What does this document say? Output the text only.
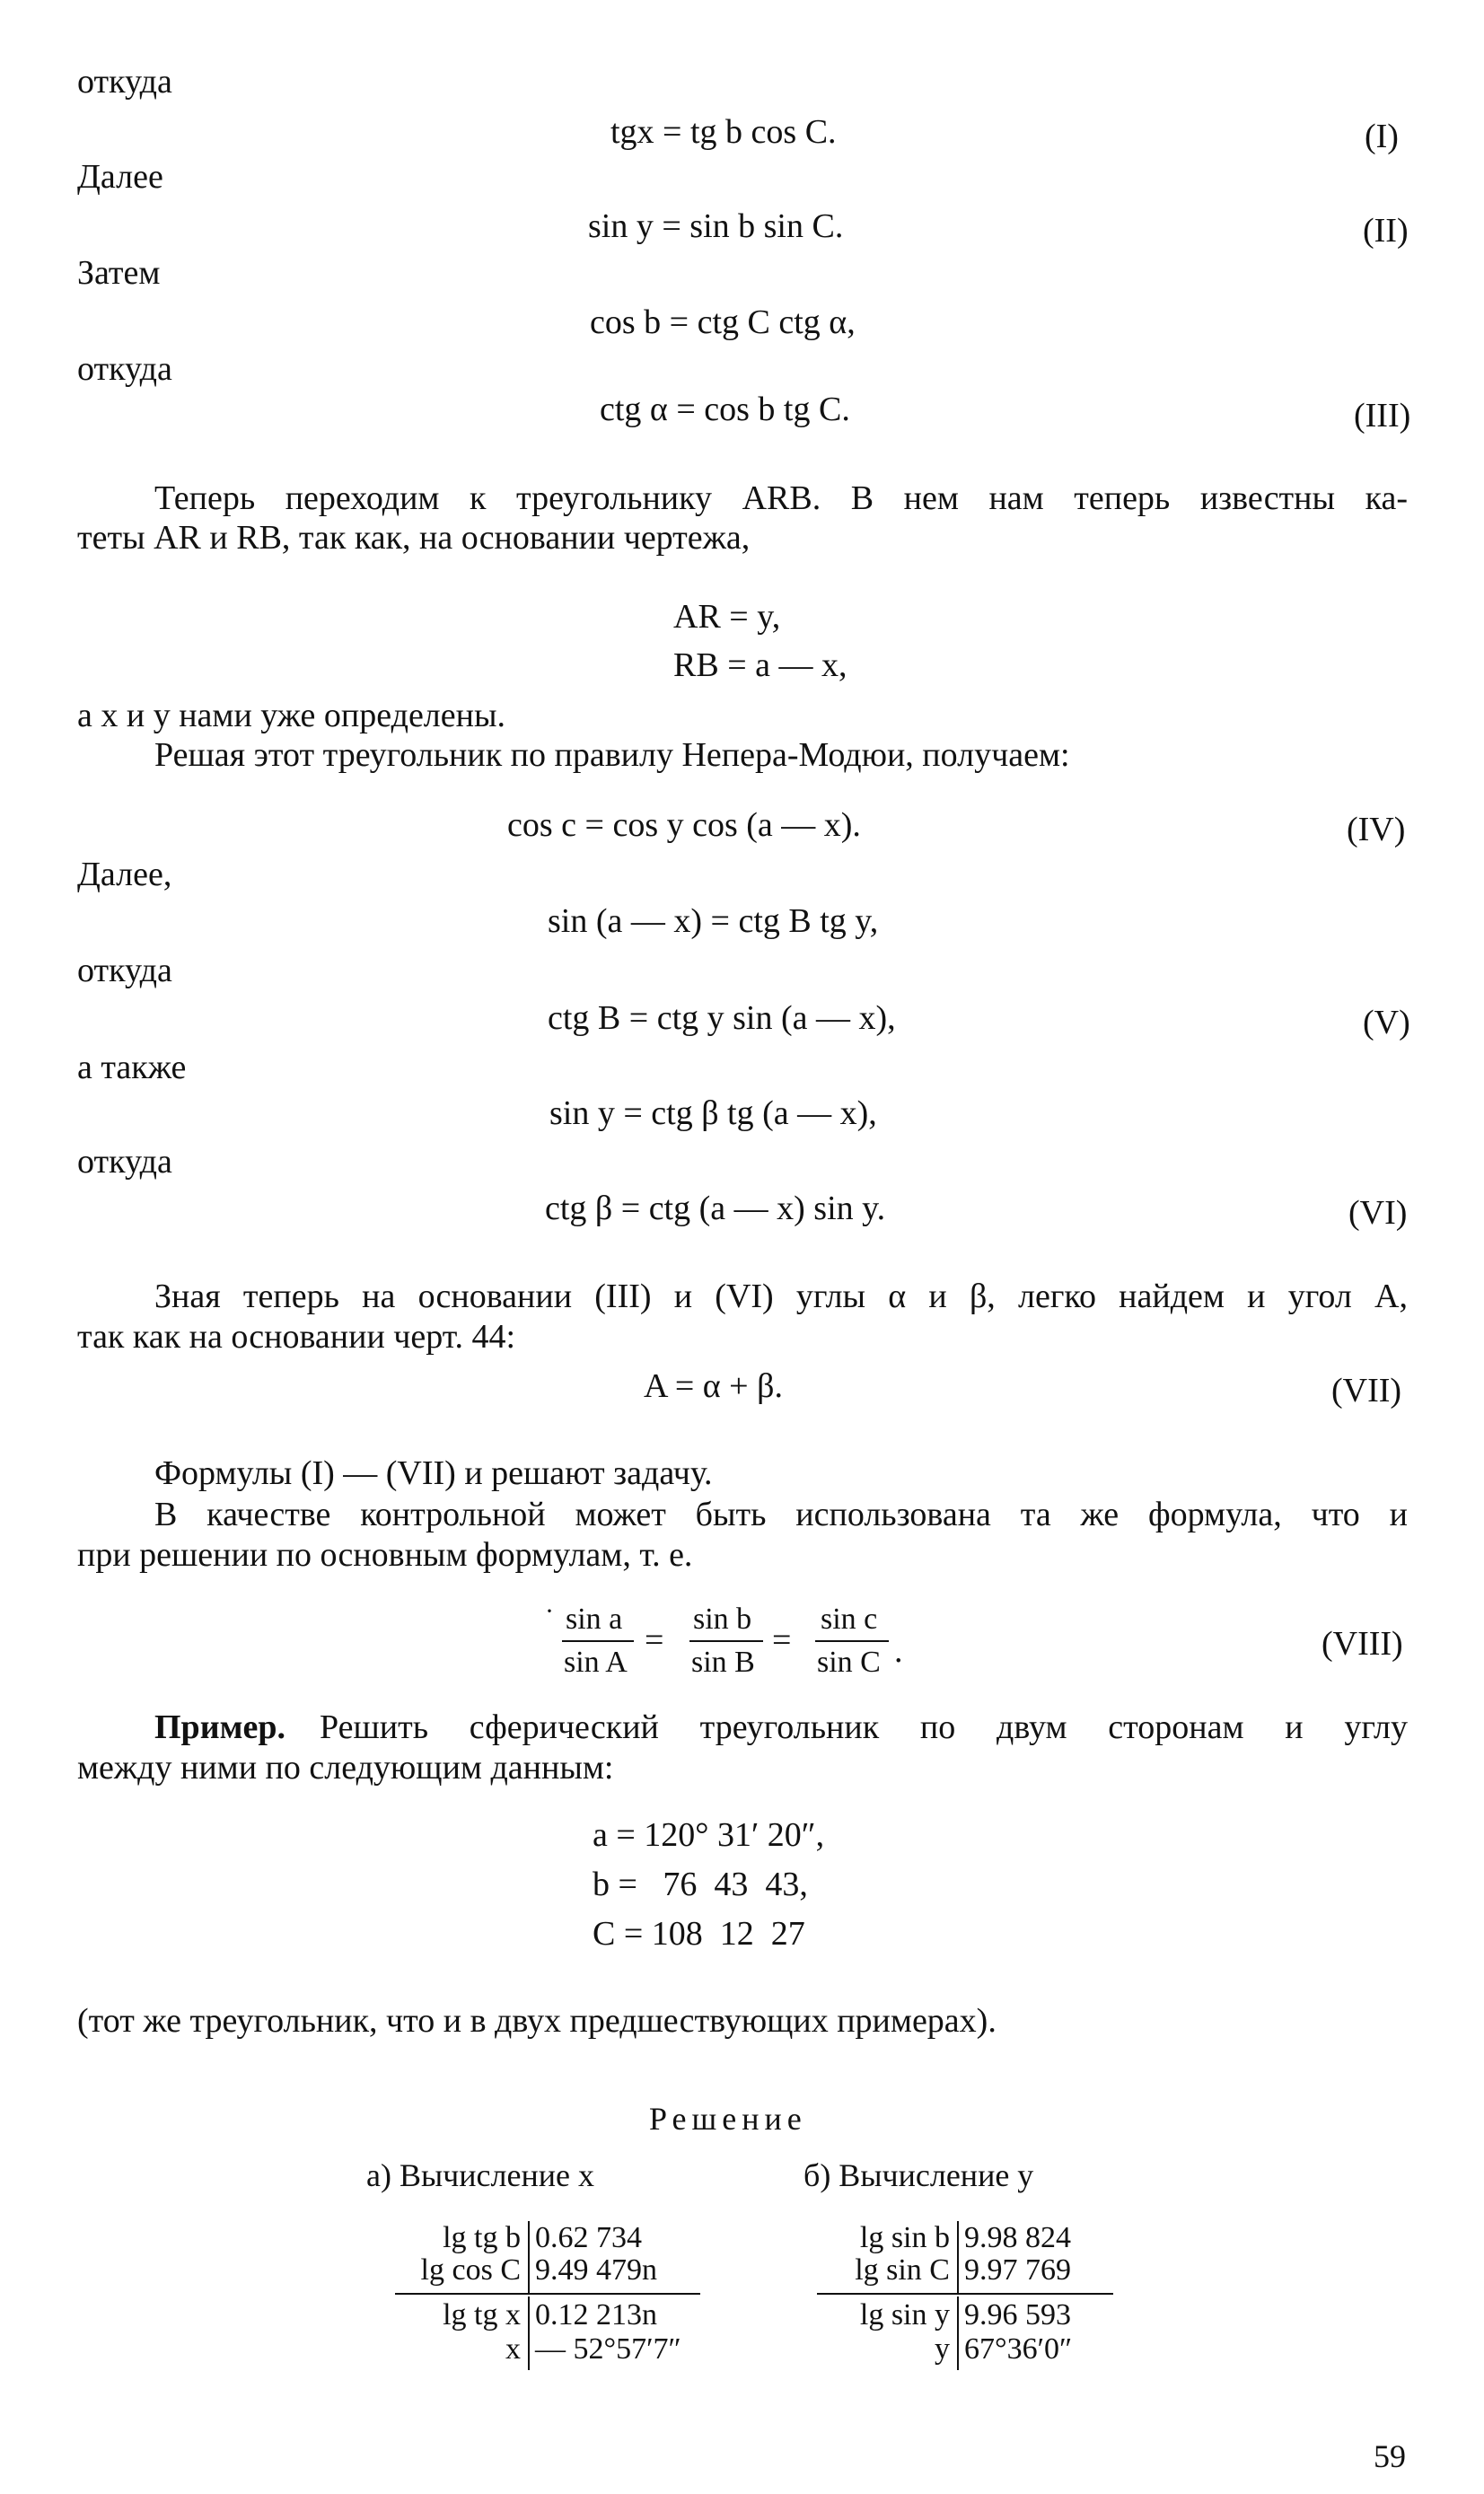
откуда
tgx = tg b cos C.	(I)
Далее
sin y = sin b sin C.	(II)
Затем
cos b = ctg C ctg α,
откуда
ctg α = cos b tg C.	(III)
Теперь переходим к треугольнику ARB. В нем нам теперь известны ка-
теты AR и RB, так как, на основании чертежа,
AR = y,
RB = a — x,
а x и y нами уже определены.
Решая этот треугольник по правилу Непера-Модюи, получаем:
cos c = cos y cos (a — x).	(IV)
Далее,
sin (a — x) = ctg B tg y,
откуда
ctg B = ctg y sin (a — x),	(V)
а также
sin y = ctg β tg (a — x),
откуда
ctg β = ctg (a — x) sin y.	(VI)
Зная теперь на основании (III) и (VI) углы α и β, легко найдем и угол A,
так как на основании черт. 44:
A = α + β.	(VII)
Формулы (I) — (VII) и решают задачу.
В качестве контрольной может быть использована та же формула, что и
при решении по основным формулам, т. е.
· sin a
sin A
=
sin b
sin B
=
sin c
sin C .	(VIII)
Пример. Решить сферический треугольник по двум сторонам и углу
между ними по следующим данным:
a = 120° 31′ 20″,
b =   76  43  43,
C = 108  12  27
(тот же треугольник, что и в двух предшествующих примерах).
Решение
а) Вычисление x	б) Вычисление y
lg tg b 0.62 734
lg cos C 9.49 479n
lg tg x 0.12 213n
x — 52°57′7″
lg sin b 9.98 824
lg sin C 9.97 769
lg sin y 9.96 593
y 67°36′0″
59
